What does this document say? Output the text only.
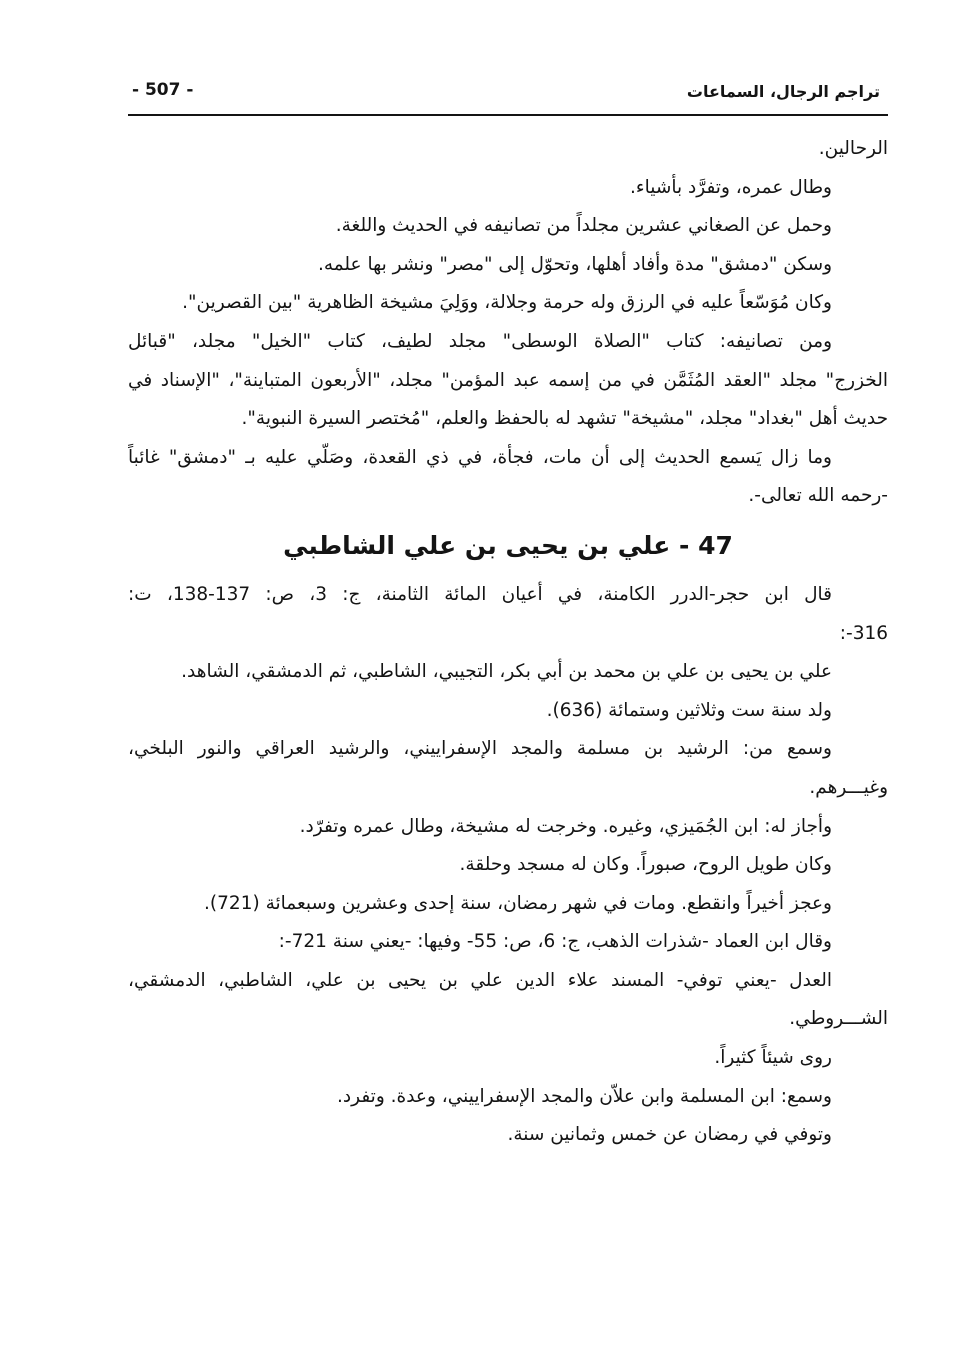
تراجم الرجال، السماعات
- 507 -
الرحالين.
وطال عمره، وتفرَّد بأشياء.
وحمل عن الصغاني عشرين مجلداً من تصانيفه في الحديث واللغة.
وسكن "دمشق" مدة وأفاد أهلها، وتحوّل إلى "مصر" ونشر بها علمه.
وكان مُوَسّعاً عليه في الرزق وله حرمة وجلالة، ووَلِيَ مشيخة الظاهرية "بين القصرين".
ومن تصانيفه: كتاب "الصلاة الوسطى" مجلد لطيف، كتاب "الخيل" مجلد، "قبائل
الخزرج" مجلد "العقد المُثَمَّن في من إسمه عبد المؤمن" مجلد، "الأربعون المتباينة"، "الإسناد في
حديث أهل "بغداد" مجلد، "مشيخة" تشهد له بالحفظ والعلم، "مُختصر السيرة النبوية".
وما زال يَسمع الحديث إلى أن مات، فجأة، في ذي القعدة، وصَلّي عليه بـ "دمشق" غائباً
-رحمه الله تعالى-.
47 - علي بن يحيى بن علي الشاطبي
قال ابن حجر-الدرر الكامنة، في أعيان المائة الثامنة، ج: 3، ص: 137-138، ت:
316-:
علي بن يحيى بن علي بن محمد بن أبي بكر، التجيبي، الشاطبي، ثم الدمشقي، الشاهد.
ولد سنة ست وثلاثين وستمائة (636).
وسمع من: الرشيد بن مسلمة والمجد الإسفراييني، والرشيد العراقي والنور البلخي،
وغيـــرهم.
وأجاز له: ابن الجُمَيزي، وغيره. وخرجت له مشيخة، وطال عمره وتفرّد.
وكان طويل الروح، صبوراً. وكان له مسجد وحلقة.
وعجز أخيراً وانقطع. ومات في شهر رمضان، سنة إحدى وعشرين وسبعمائة (721).
وقال ابن العماد -شذرات الذهب، ج: 6، ص: 55- وفيها: -يعني سنة 721-:
العدل -يعني توفي- المسند علاء الدين علي بن يحيى بن علي، الشاطبي، الدمشقي،
الشـــروطي.
روى شيئاً كثيراً.
وسمع: ابن المسلمة وابن علاّن والمجد الإسفراييني، وعدة. وتفرد.
وتوفي في رمضان عن خمس وثمانين سنة.
